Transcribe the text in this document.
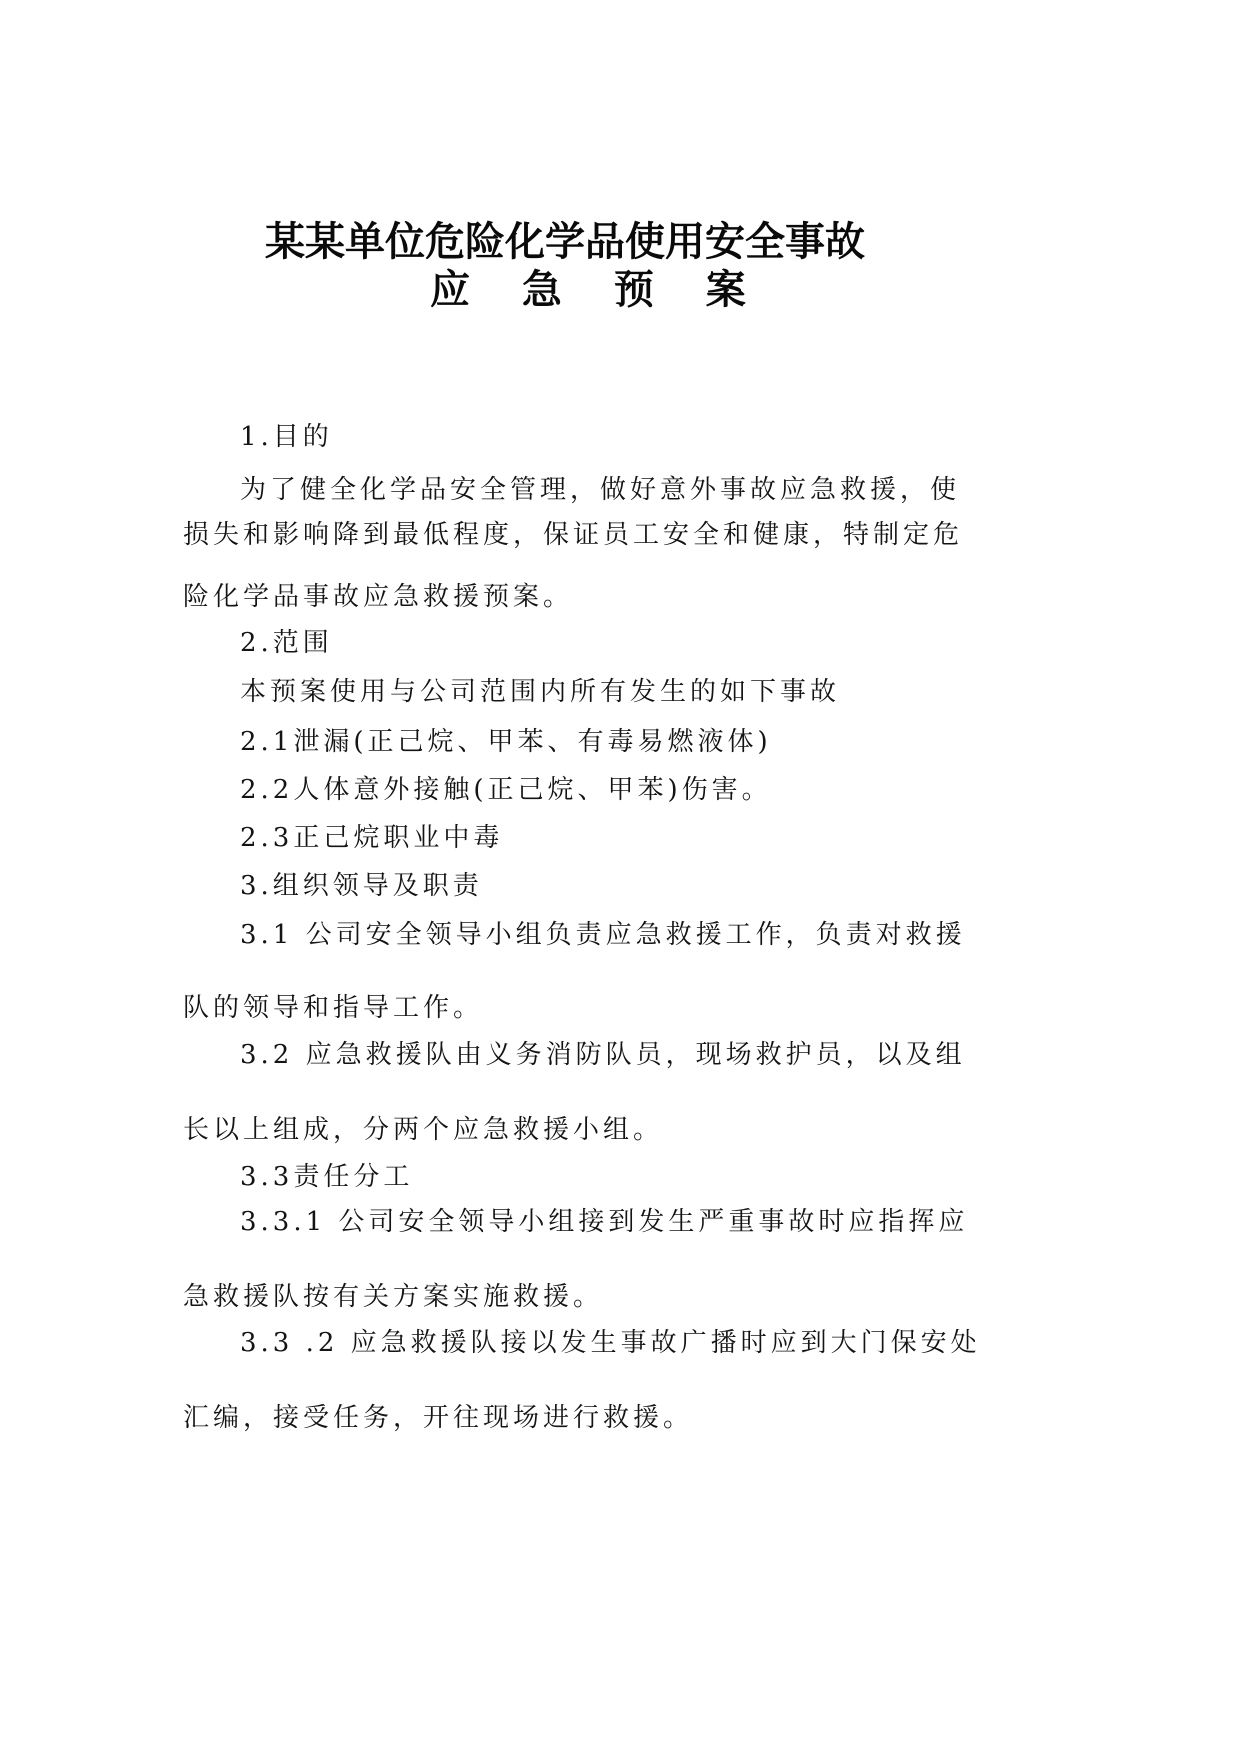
某某单位危险化学品使用安全事故
应 急 预 案
1.目的
为了健全化学品安全管理，做好意外事故应急救援，使
损失和影响降到最低程度，保证员工安全和健康，特制定危
险化学品事故应急救援预案。
2.范围
本预案使用与公司范围内所有发生的如下事故
2.1泄漏(正己烷、甲苯、有毒易燃液体)
2.2人体意外接触(正己烷、甲苯)伤害。
2.3正己烷职业中毒
3.组织领导及职责
3.1 公司安全领导小组负责应急救援工作，负责对救援
队的领导和指导工作。
3.2 应急救援队由义务消防队员，现场救护员，以及组
长以上组成，分两个应急救援小组。
3.3责任分工
3.3.1 公司安全领导小组接到发生严重事故时应指挥应
急救援队按有关方案实施救援。
3.3 .2 应急救援队接以发生事故广播时应到大门保安处
汇编，接受任务，开往现场进行救援。
